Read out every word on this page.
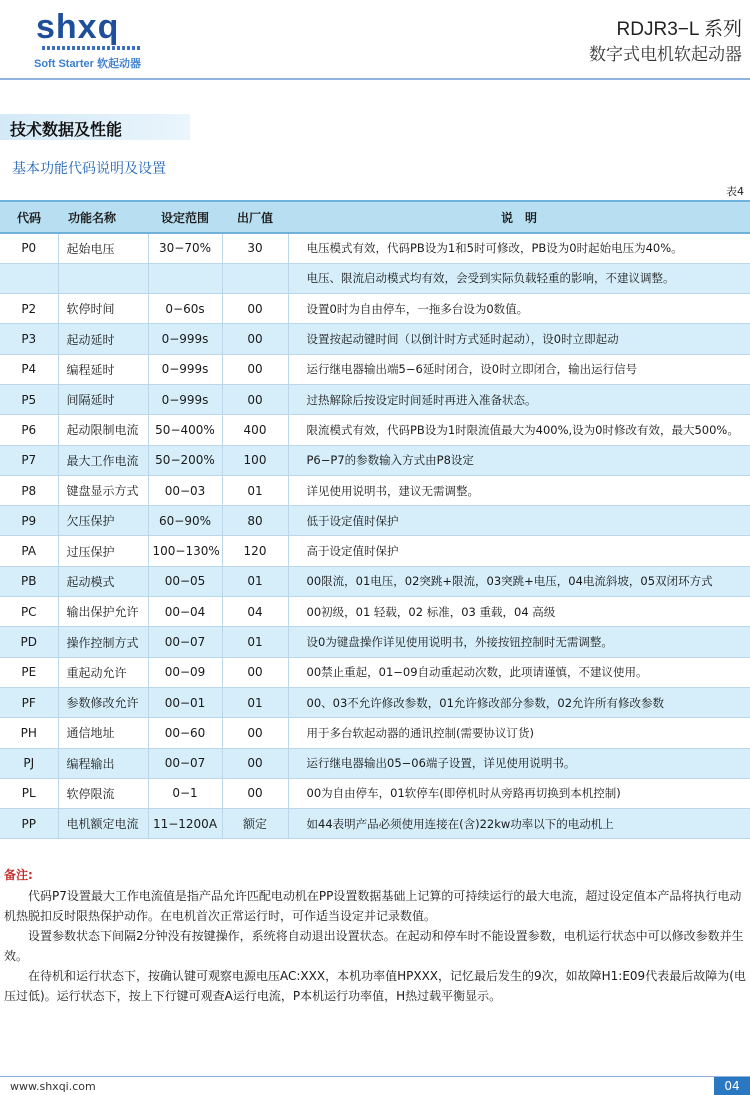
shxq
Soft Starter 软起动器
RDJR3−L 系列
数字式电机软起动器
技术数据及性能
基本功能代码说明及设置
表4
代码	功能名称	设定范围	出厂值	说　明
P0	起始电压	30−70%	30	电压模式有效，代码PB设为1和5时可修改，PB设为0时起始电压为40%。
				电压、限流启动模式均有效，会受到实际负载轻重的影响，不建议调整。
P2	软停时间	0−60s	00	设置0时为自由停车，一拖多台设为0数值。
P3	起动延时	0−999s	00	设置按起动键时间（以倒计时方式延时起动），设0时立即起动
P4	编程延时	0−999s	00	运行继电器输出端5−6延时闭合，设0时立即闭合，输出运行信号
P5	间隔延时	0−999s	00	过热解除后按设定时间延时再进入准备状态。
P6	起动限制电流	50−400%	400	限流模式有效，代码PB设为1时限流值最大为400%,设为0时修改有效，最大500%。
P7	最大工作电流	50−200%	100	P6−P7的参数输入方式由P8设定
P8	键盘显示方式	00−03	01	详见使用说明书，建议无需调整。
P9	欠压保护	60−90%	80	低于设定值时保护
PA	过压保护	100−130%	120	高于设定值时保护
PB	起动模式	00−05	01	00限流，01电压，02突跳+限流，03突跳+电压，04电流斜坡，05双闭环方式
PC	输出保护允许	00−04	04	00初级，01 轻载，02 标准，03 重载，04 高级
PD	操作控制方式	00−07	01	设0为键盘操作详见使用说明书，外接按钮控制时无需调整。
PE	重起动允许	00−09	00	00禁止重起，01−09自动重起动次数，此项请谨慎，不建议使用。
PF	参数修改允许	00−01	01	00、03不允许修改参数，01允许修改部分参数，02允许所有修改参数
PH	通信地址	00−60	00	用于多台软起动器的通讯控制(需要协议订货)
PJ	编程输出	00−07	00	运行继电器输出05−06端子设置，详见使用说明书。
PL	软停限流	0−1	00	00为自由停车，01软停车(即停机时从旁路再切换到本机控制)
PP	电机额定电流	11−1200A	额定	如44表明产品必须使用连接在(含)22kw功率以下的电动机上
备注:

代码P7设置最大工作电流值是指产品允许匹配电动机在PP设置数据基础上记算的可持续运行的最大电流，超过设定值本产品将执行电动机热脱扣反时限热保护动作。在电机首次正常运行时，可作适当设定并记录数值。

设置参数状态下间隔2分钟没有按键操作，系统将自动退出设置状态。在起动和停车时不能设置参数，电机运行状态中可以修改参数并生效。

在待机和运行状态下，按确认键可观察电源电压AC:XXX，本机功率值HPXXX，记忆最后发生的9次，如故障H1:E09代表最后故障为(电压过低)。运行状态下，按上下行键可观查A运行电流，P本机运行功率值，H热过载平衡显示。

www.shxqi.com	04
